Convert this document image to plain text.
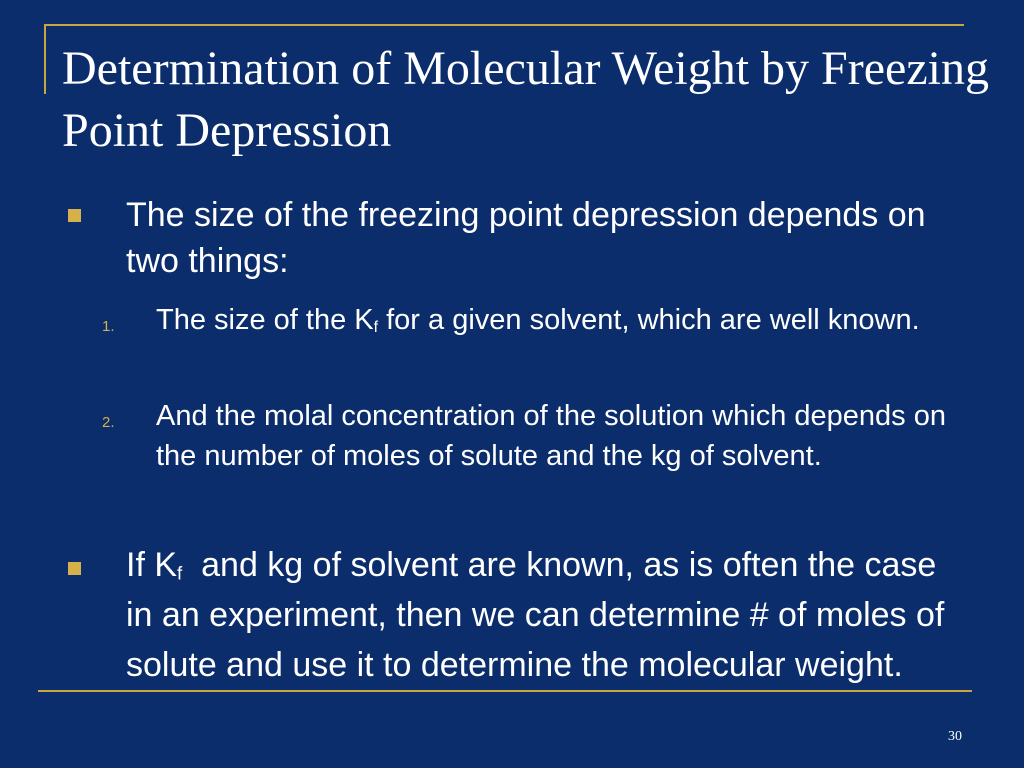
Determination of Molecular Weight by Freezing Point Depression
The size of the freezing point depression depends on two things:
1. The size of the $K_f$ for a given solvent, which are well known.
2. And the molal concentration of the solution which depends on the number of moles of solute and the kg of solvent.
If $K_f$  and kg of solvent are known, as is often the case in an experiment, then we can determine # of moles of solute and use it to determine the molecular weight.
30
